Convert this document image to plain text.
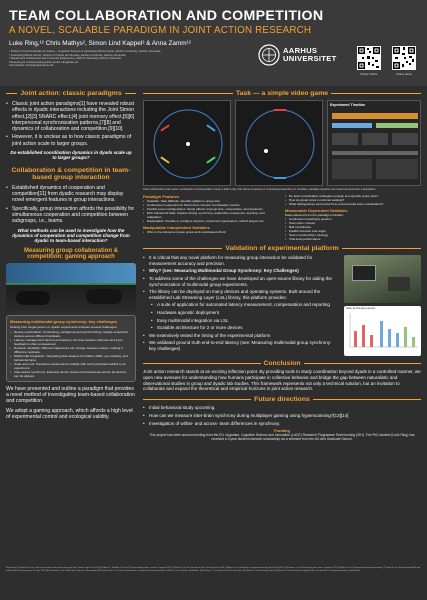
TEAM COLLABORATION AND COMPETITION
A NOVEL, SCALABLE PARADIGM IN JOINT ACTION RESEARCH
Luke Ring,¹² Chris Mathys², Simon Lind Kappel³ & Anna Zamm¹²
¹ School of Communication & Culture – Cognitive Science & Interacting Minds Center, Aarhus University, Aarhus, Denmark
² Interacting Minds Centre, School of Culture and Society, Aarhus University, Aarhus, Denmark
³ Department of Electrical and Computer Engineering, Aarhus University, Aarhus, Denmark
Presenting & corresponding author email: luke@luke.art
Lab website: interactingminds.au.dk
AARHUS
UNIVERSITET
Poster Online	Online demo
Joint action: classic paradigms
• Classic joint action paradigms[1] have revealed robust effects in dyadic interactions including the Joint Simon effect,[2][3] SNARC effect,[4] joint memory effect,[5][6] interpersonal synchronization patterns,[7][8] and dynamics of collaboration and competition.[9][10]
• However, it is unclear as to how classic paradigms of joint action scale to larger groups.
Do established coordination dynamics in dyads scale up to larger groups?
Collaboration & competition in team-based group interaction
• Established dynamics of cooperation and competition[11] from dyadic research may display novel emergent features in group interactions.
• Specifically, group interaction affords the possibility for simultaneous cooperation and competition between subgroups, i.e., teams.
What methods can be used to investigate how the dynamics of cooperation and competition change from dyadic to team-based interaction?
Measuring group collaboration & competition: gaming approach
Measuring multimodal group synchrony: key challenges
Scaling from single-person or dyadic experiments includes several challenges:
• Device coordination: Connecting, configuring and synchronizing multiple acquisition devices across different hardware.
• Latency management: End-to-end latency: the time between stimulus and input feedback is often unmeasured.
• Dynamic variability: Different trajectories can change between setups, making it difficult to replicate.
• Multimodal integration: Integrating data streams from EEG, EMG, eye tracking, and behavioral input.
• Scale and cost: Hardware requirements multiply with each participant added to an experiment.
• Inter-device synchrony: Ensuring device clocks and timestamps across all devices can be aligned.
We have presented and outline a paradigm that provides a novel method of investigating team-based collaboration and competition.
We adopt a gaming approach, which affords a high level of experimental control and ecological validity.
Task — a simple video game
Experiment Timeline
Team collaborative video game: participants control paddles to keep a ball in play, with teams competing or cooperating depending on condition; paradigm dynamics are tested via parameter manipulation.
Paradigm Features
• Scalable: Task difficulty naturally adapts to group size
• Continuous measurement: Moment-to-moment coordination metrics
• Flexible team configurations: Study effects of group size, composition, and dynamics
• Rich behavioral data: Capture timing, synchrony, leadership emergence, learning, and adaptation
• Expandable: Flexible to configure physics, experiment parameters, add AI players etc.
Manipulable Independent Variables
• Who is the reference (same group and coordinated effort)
• Do team coordination strategies emerge at a specific group size?
• How do group sizes in minimal settings?
• What distinguishes successful from unsuccessful team coordination?
Measurable Dependent Variables
Data collected from the paradigm includes:
• Continuous hand/input position
• Team wins / losses
• Ball coordinates
• Paddle direction and angle
• Team membership / strategy
• Trial-level performance
Validation of experimental platform
• It is critical that any novel platform for measuring group interaction be validated for measurement accuracy and precision.
• Why? (see: Measuring Multimodal Group Synchrony: Key Challenges)
• To address some of the challenges we have developed an open-source library for aiding the synchronization of multimodal group experiments.
• The library can be deployed on many devices and operating systems. Built around the established Lab Streaming Layer (LSL) library, this platform provides:
• A suite of application for automated latency measurement, compensation and reporting
• Hardware agnostic deployment
• Easy multimodal integration via LSL
• Scalable architecture for 2 or more devices
• We extensively tested the timing of the experimental platform
• We validated ground truth end-to-end latency (see: Measuring multimodal group synchrony: key challenges)
Data: Exchanging reports
Conclusion
Joint action research stands at an exciting inflection point. By providing tools to study coordination beyond dyads in a controlled manner, we open new avenues for understanding how humans participate in collective behavior and bridge the gap between naturalistic and observational studies in group and dyadic lab studies. This framework represents not only a technical solution, but an invitation to collaborate and expand the theoretical and empirical horizons in joint action research.
Future directions
• Initial behavioral study upcoming.
• How can we measure inter-brain synchrony during multiplayer gaming using hyperscanning?[13][14]
• Investigation of within- and across- team differences in synchrony.
Funding
This project has been sourced funding from the EU Lingoriam, Cognitive Science and Innovation (LACE) Research Programme Seed funding (ISH). The PhD student (Luke Ring) has received a 3-year student research scholarship via a selected from the AU Arts Graduate School.
References: [1] Sebanz N. et al. Joint action: bodies and minds moving together. Trends Cogn Sci 2006. [2] Sebanz N., Knoblich G., Prinz W. Representing others' actions. Cognition 2003. [3] Dolk T. et al. The joint Simon effect. Front Psychol 2014. [4] Atmaca S. et al. Action co-representation. Exp Brain Res 2008. [5] Eskenazi T. et al. Memory in joint action. Cognition 2013. [6] Elekes F. et al. Shared memory representation. [7] Zamm A. et al. Synchronizing MIDI and wireless EEG measurements. Sci Rep 2018. [8] Konvalinka I. et al. Follow you, follow me. Neuroimage 2010. [9] Decety J. et al. Neural mechanisms of cooperation and competition. [10] Tsai J. et al. Dyadic coordination. [11] Mathys C. et al. Hierarchical Gaussian filter. [12] Kothe C. Lab Streaming Layer. [13] Hasson U. Brain-to-brain coupling. [14] Czeszumski A. et al. Hyperscanning: a valid method.
